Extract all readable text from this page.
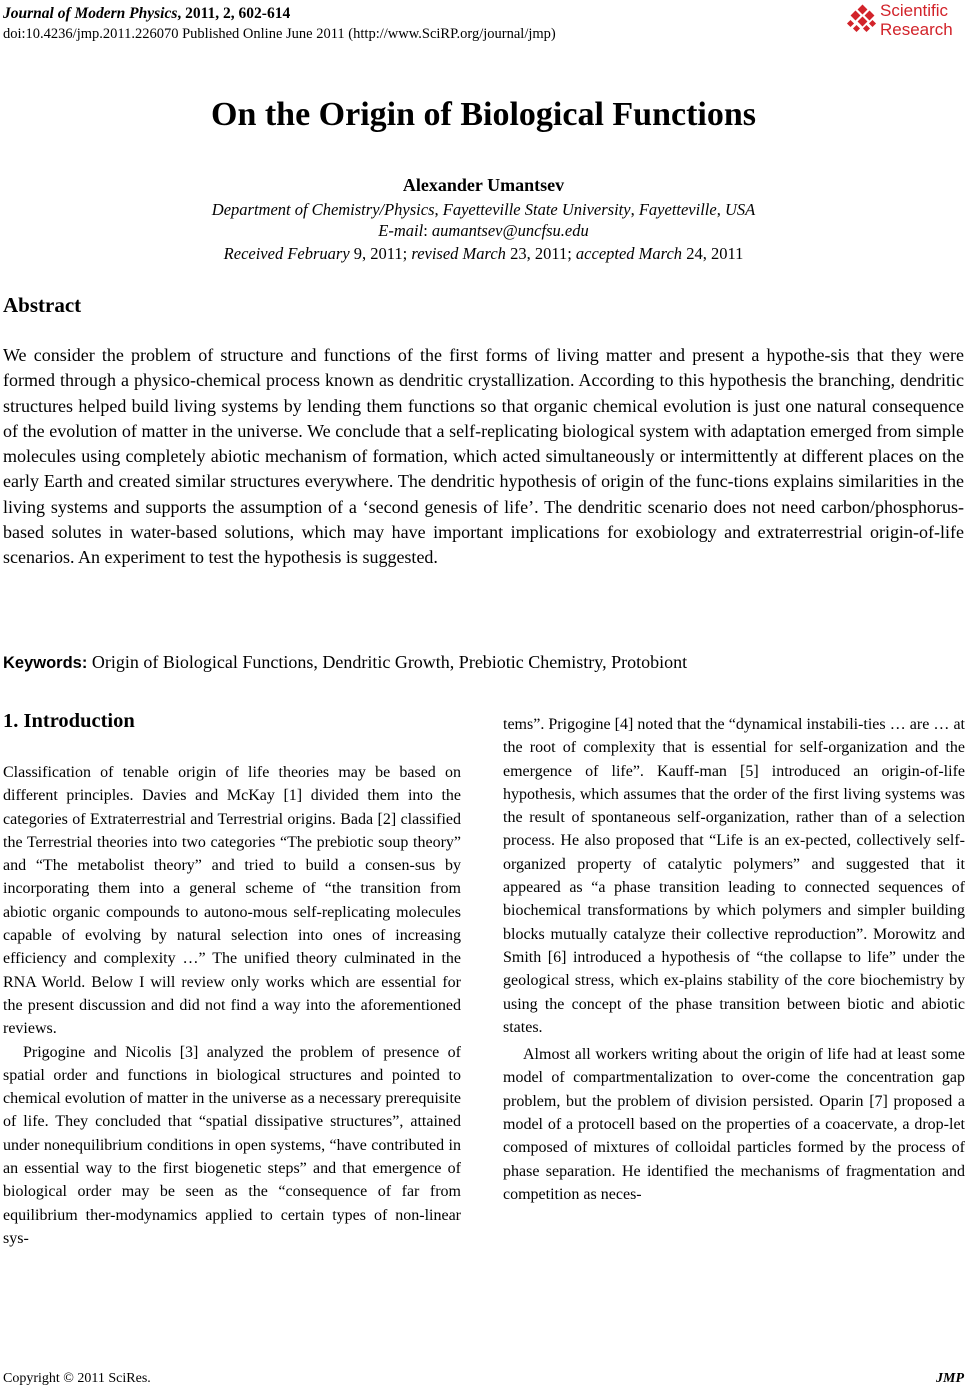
Journal of Modern Physics, 2011, 2, 602-614
doi:10.4236/jmp.2011.226070 Published Online June 2011 (http://www.SciRP.org/journal/jmp)
Scientific
Research
On the Origin of Biological Functions
Alexander Umantsev
Department of Chemistry/Physics, Fayetteville State University, Fayetteville, USA
E-mail: aumantsev@uncfsu.edu
Received February 9, 2011; revised March 23, 2011; accepted March 24, 2011
Abstract
We consider the problem of structure and functions of the first forms of living matter and present a hypothe-sis that they were formed through a physico-chemical process known as dendritic crystallization. According to this hypothesis the branching, dendritic structures helped build living systems by lending them functions so that organic chemical evolution is just one natural consequence of the evolution of matter in the universe. We conclude that a self-replicating biological system with adaptation emerged from simple molecules using completely abiotic mechanism of formation, which acted simultaneously or intermittently at different places on the early Earth and created similar structures everywhere. The dendritic hypothesis of origin of the func-tions explains similarities in the living systems and supports the assumption of a ‘second genesis of life’. The dendritic scenario does not need carbon/phosphorus-based solutes in water-based solutions, which may have important implications for exobiology and extraterrestrial origin-of-life scenarios. An experiment to test the hypothesis is suggested.
Keywords: Origin of Biological Functions, Dendritic Growth, Prebiotic Chemistry, Protobiont
1. Introduction

Classification of tenable origin of life theories may be based on different principles. Davies and McKay [1] divided them into the categories of Extraterrestrial and Terrestrial origins. Bada [2] classified the Terrestrial theories into two categories “The prebiotic soup theory” and “The metabolist theory” and tried to build a consen-sus by incorporating them into a general scheme of “the transition from abiotic organic compounds to autono-mous self-replicating molecules capable of evolving by natural selection into ones of increasing efficiency and complexity …” The unified theory culminated in the RNA World. Below I will review only works which are essential for the present discussion and did not find a way into the aforementioned reviews.

Prigogine and Nicolis [3] analyzed the problem of presence of spatial order and functions in biological structures and pointed to chemical evolution of matter in the universe as a necessary prerequisite of life. They concluded that “spatial dissipative structures”, attained under nonequilibrium conditions in open systems, “have contributed in an essential way to the first biogenetic steps” and that emergence of biological order may be seen as the “consequence of far from equilibrium ther-modynamics applied to certain types of non-linear sys-

tems”. Prigogine [4] noted that the “dynamical instabili-ties … are … at the root of complexity that is essential for self-organization and the emergence of life”. Kauff-man [5] introduced an origin-of-life hypothesis, which assumes that the order of the first living systems was the result of spontaneous self-organization, rather than of a selection process. He also proposed that “Life is an ex-pected, collectively self-organized property of catalytic polymers” and suggested that it appeared as “a phase transition leading to connected sequences of biochemical transformations by which polymers and simpler building blocks mutually catalyze their collective reproduction”. Morowitz and Smith [6] introduced a hypothesis of “the collapse to life” under the geological stress, which ex-plains stability of the core biochemistry by using the concept of the phase transition between biotic and abiotic states.

Almost all workers writing about the origin of life had at least some model of compartmentalization to over-come the concentration gap problem, but the problem of division persisted. Oparin [7] proposed a model of a protocell based on the properties of a coacervate, a drop-let composed of mixtures of colloidal particles formed by the process of phase separation. He identified the mechanisms of fragmentation and competition as neces-

Copyright © 2011 SciRes.	JMP
